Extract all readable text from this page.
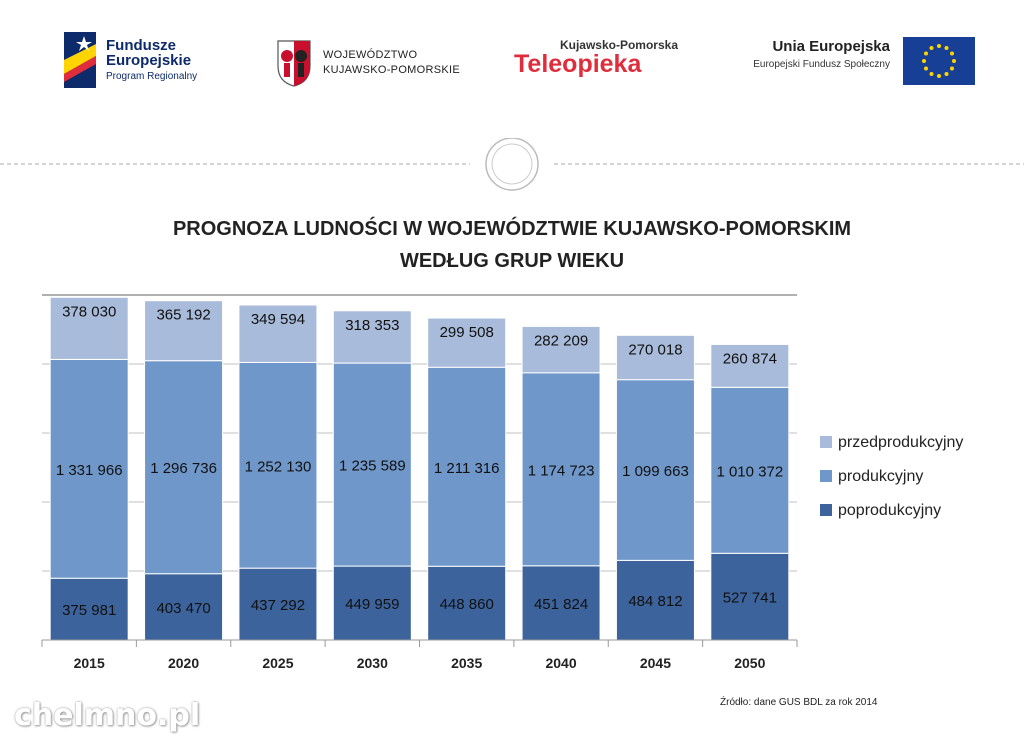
Fundusze
Europejskie
Program Regionalny
WOJEWÓDZTWO
KUJAWSKO-POMORSKIE
Kujawsko-Pomorska
Teleopieka
Unia Europejska
Europejski Fundusz Społeczny
PROGNOZA LUDNOŚCI W WOJEWÓDZTWIE KUJAWSKO-POMORSKIM
WEDŁUG GRUP WIEKU
375 981
1 331 966
378 030
2015
403 470
1 296 736
365 192
2020
437 292
1 252 130
349 594
2025
449 959
1 235 589
318 353
2030
448 860
1 211 316
299 508
2035
451 824
1 174 723
282 209
2040
484 812
1 099 663
270 018
2045
527 741
1 010 372
260 874
2050
przedprodukcyjny
produkcyjny
poprodukcyjny
Źródło: dane GUS BDL za rok 2014
chelmno.pl
